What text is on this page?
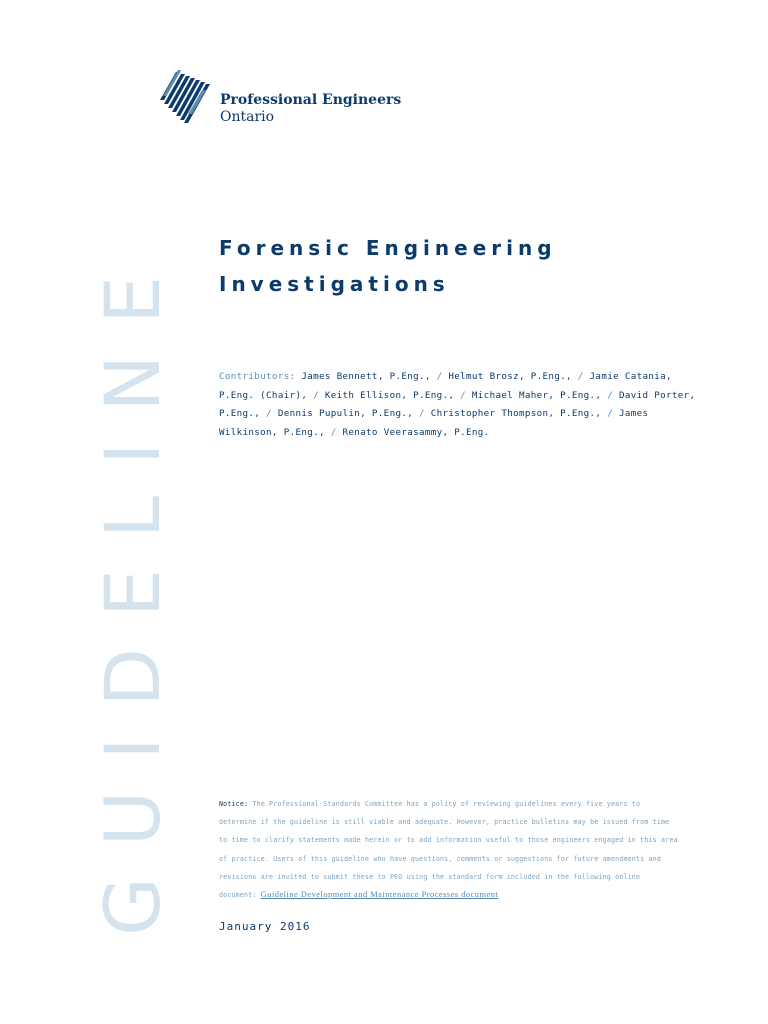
Professional Engineers
Ontario
GUIDELINE Forensic Engineering
Investigations
Contributors: James Bennett, P.Eng., / Helmut Brosz, P.Eng., / Jamie Catania, P.Eng. (Chair), / Keith Ellison, P.Eng., / Michael Maher, P.Eng., / David Porter, P.Eng., / Dennis Pupulin, P.Eng., / Christopher Thompson, P.Eng., / James Wilkinson, P.Eng., / Renato Veerasammy, P.Eng.
Notice: The Professional Standards Committee has a policy of reviewing guidelines every five years to determine if the guideline is still viable and adequate. However, practice bulletins may be issued from time to time to clarify statements made herein or to add information useful to those engineers engaged in this area of practice. Users of this guideline who have questions, comments or suggestions for future amendments and revisions are invited to submit these to PEO using the standard form included in the following online document: Guideline Development and Maintenance Processes document
January 2016
